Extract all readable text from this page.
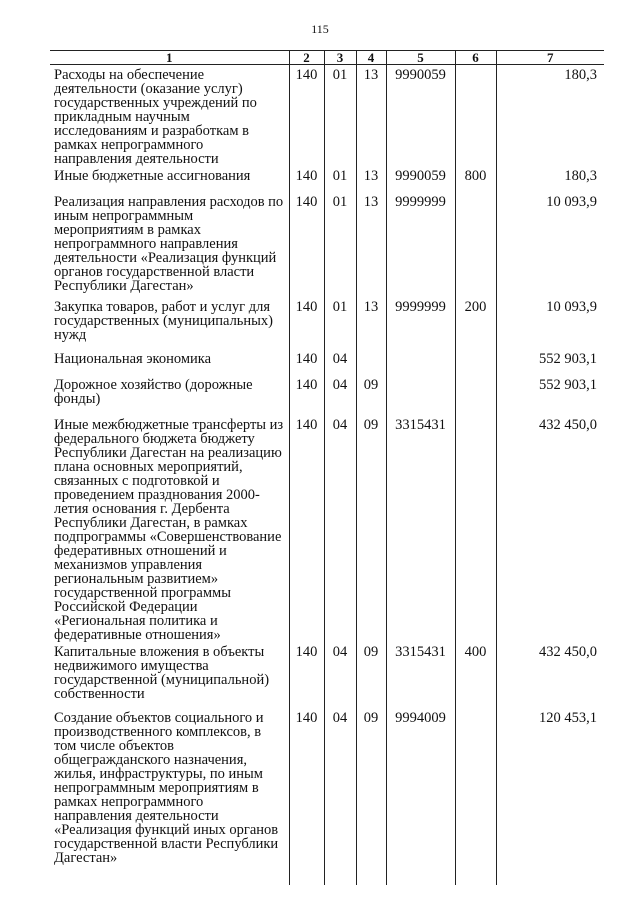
115
1	2	3	4	5	6	7
Расходы на обеспечение деятельности (оказание услуг) государственных учреждений по прикладным научным исследованиям и разработкам в рамках непрограммного направления деятельности	140	01	13	9990059		180,3
Иные бюджетные ассигнования	140	01	13	9990059	800	180,3
Реализация направления расходов по иным непрограммным мероприятиям в рамках непрограммного направления деятельности «Реализация функций органов государственной власти Республики Дагестан»	140	01	13	9999999		10 093,9
Закупка товаров, работ и услуг для государственных (муниципальных) нужд	140	01	13	9999999	200	10 093,9
Национальная экономика	140	04				552 903,1
Дорожное хозяйство (дорожные фонды)	140	04	09			552 903,1
Иные межбюджетные трансферты из федерального бюджета бюджету Республики Дагестан на реализацию плана основных мероприятий, связанных с подготовкой и проведением празднования 2000-летия основания г. Дербента Республики Дагестан, в рамках подпрограммы «Совершенствование федеративных отношений и механизмов управления региональным развитием» государственной программы Российской Федерации «Региональная политика и федеративные отношения»	140	04	09	3315431		432 450,0
Капитальные вложения в объекты недвижимого имущества государственной (муниципальной) собственности	140	04	09	3315431	400	432 450,0
Создание объектов социального и производственного комплексов, в том числе объектов общегражданского назначения, жилья, инфраструктуры, по иным непрограммным мероприятиям в рамках непрограммного направления деятельности «Реализация функций иных органов государственной власти Республики Дагестан»	140	04	09	9994009		120 453,1
